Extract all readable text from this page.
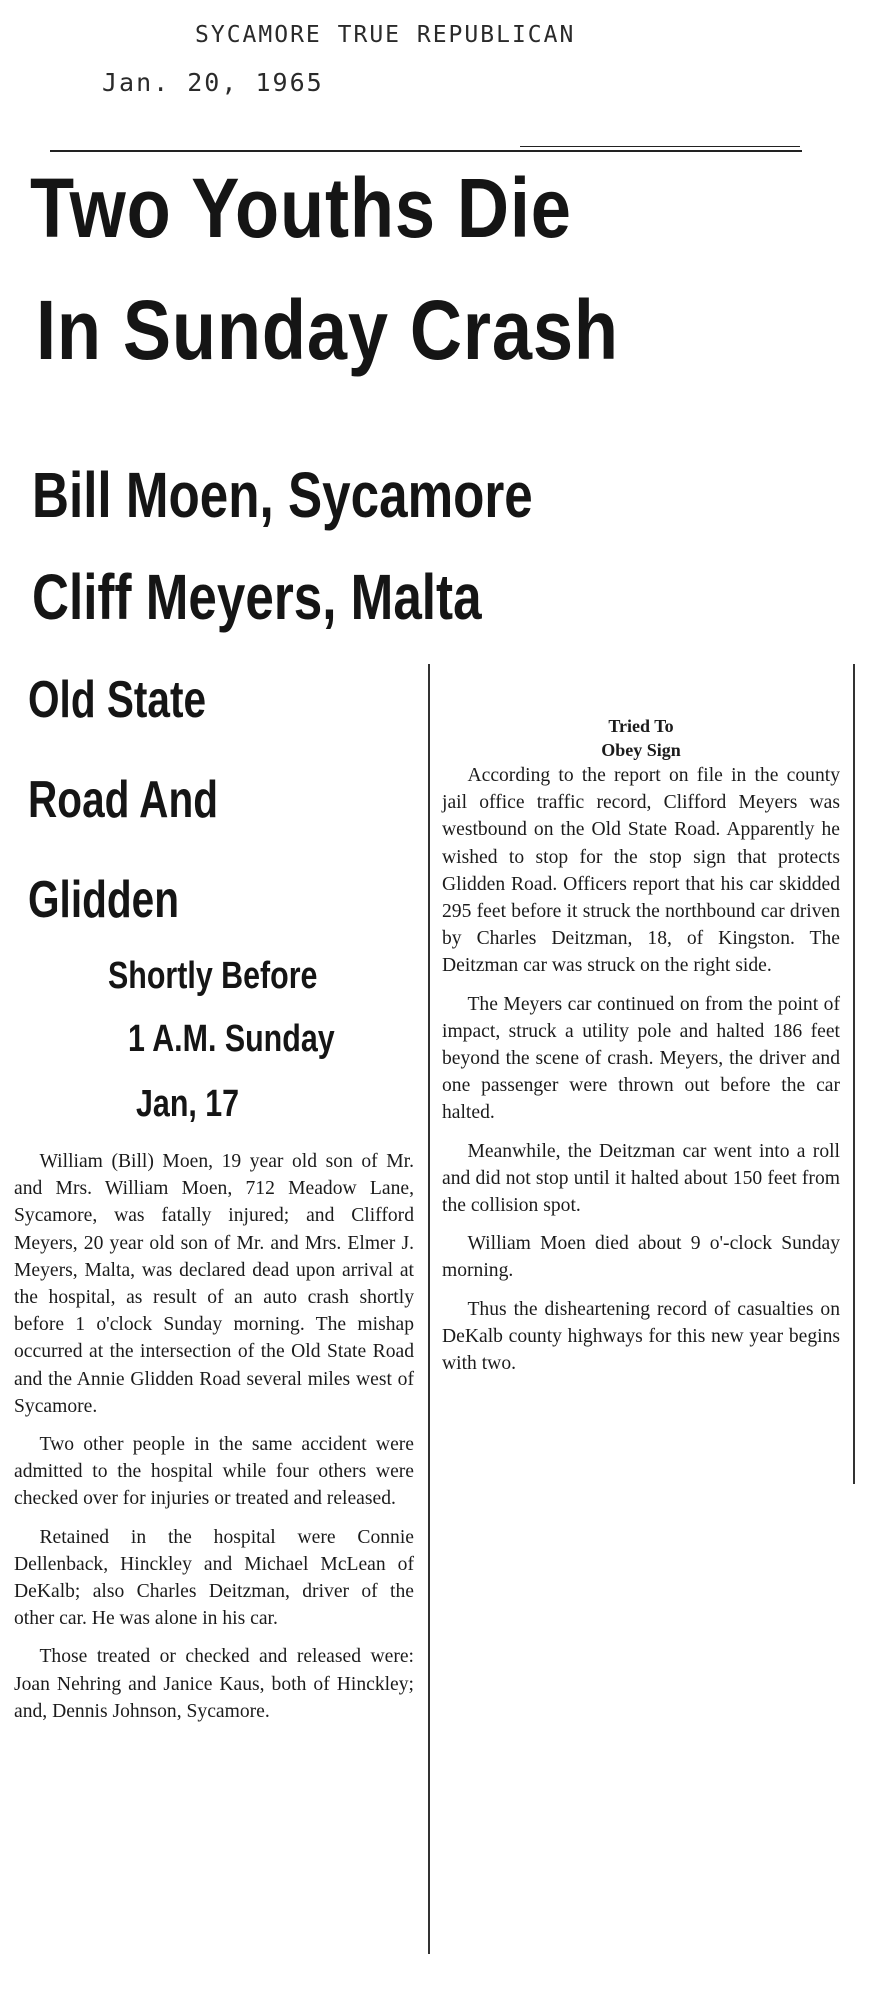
SYCAMORE TRUE REPUBLICAN
Jan. 20, 1965
Two Youths Die
In Sunday Crash
Bill Moen, Sycamore
Cliff Meyers, Malta
Old State
Road And
Glidden
Shortly Before
1 A.M. Sunday
Jan, 17

William (Bill) Moen, 19 year old son of Mr. and Mrs. William Moen, 712 Meadow Lane, Sycamore, was fatally injured; and Clifford Meyers, 20 year old son of Mr. and Mrs. Elmer J. Meyers, Malta, was declared dead upon arrival at the hospital, as result of an auto crash shortly before 1 o'clock Sunday morning. The mishap occurred at the intersection of the Old State Road and the Annie Glidden Road several miles west of Sycamore.

Two other people in the same accident were admitted to the hospital while four others were checked over for injuries or treated and released.

Retained in the hospital were Connie Dellenback, Hinckley and Michael McLean of DeKalb; also Charles Deitzman, driver of the other car. He was alone in his car.

Those treated or checked and released were: Joan Nehring and Janice Kaus, both of Hinckley; and, Dennis Johnson, Sycamore.

Tried To
Obey Sign

According to the report on file in the county jail office traffic record, Clifford Meyers was westbound on the Old State Road. Apparently he wished to stop for the stop sign that protects Glidden Road. Officers report that his car skidded 295 feet before it struck the northbound car driven by Charles Deitzman, 18, of Kingston. The Deitzman car was struck on the right side.

The Meyers car continued on from the point of impact, struck a utility pole and halted 186 feet beyond the scene of crash. Meyers, the driver and one passenger were thrown out before the car halted.

Meanwhile, the Deitzman car went into a roll and did not stop until it halted about 150 feet from the collision spot.

William Moen died about 9 o'-clock Sunday morning.

Thus the disheartening record of casualties on DeKalb county highways for this new year begins with two.
